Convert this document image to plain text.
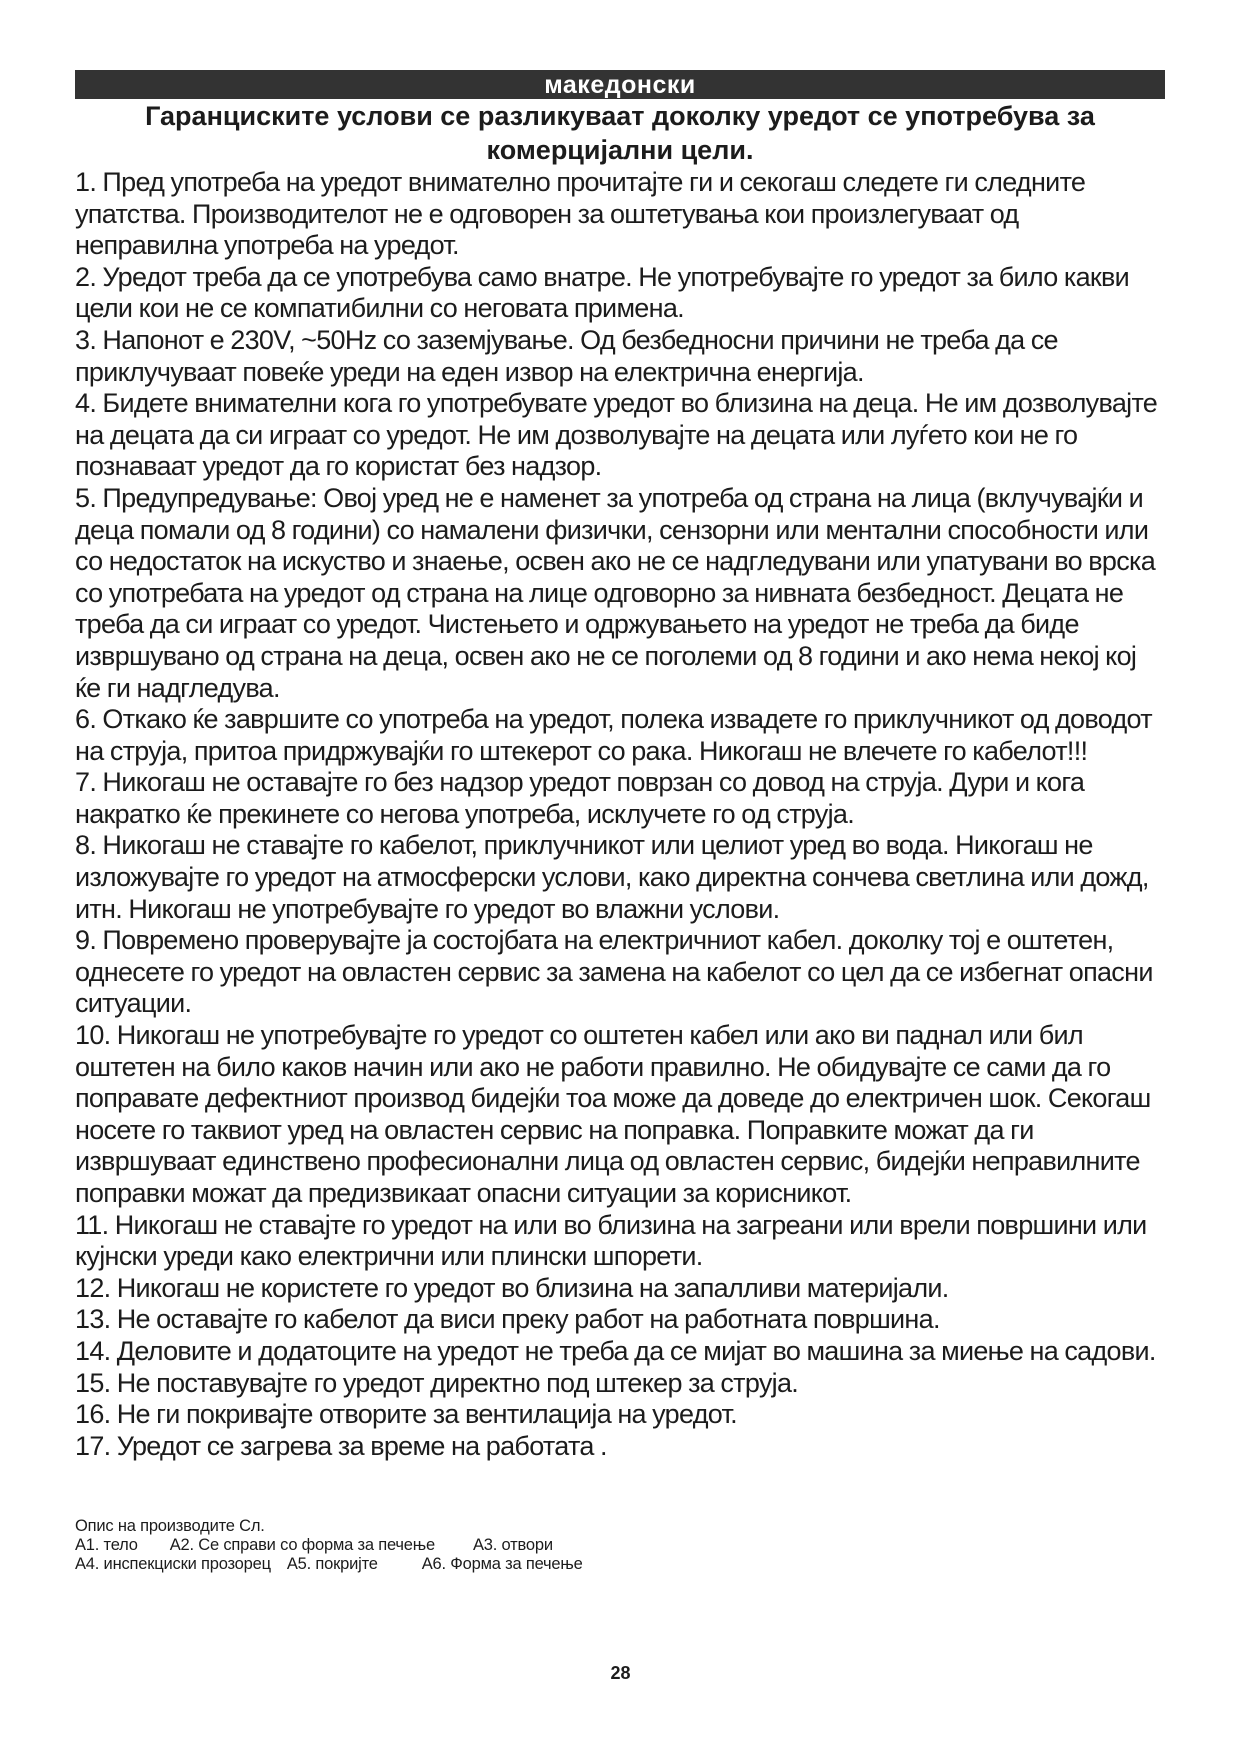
македонски

Гаранциските услови се разликуваат доколку уредот се употребува за комерцијални цели.

1. Пред употреба на уредот внимателно прочитајте ги и секогаш следете ги следните упатства. Производителот не е одговорен за оштетувања кои произлегуваат од неправилна употреба на уредот.
2. Уредот треба да се употребува само внатре. Не употребувајте го уредот за било какви цели кои не се компатибилни со неговата примена.
3. Напонот е 230V, ~50Hz со заземјување. Од безбедносни причини не треба да се приклучуваат повеќе уреди на еден извор на електрична енергија.
4. Бидете внимателни кога го употребувате уредот во близина на деца. Не им дозволувајте на децата да си играат со уредот. Не им дозволувајте на децата или луѓето кои не го познаваат уредот да го користат без надзор.
5. Предупредување: Овој уред не е наменет за употреба од страна на лица (вклучувајќи и деца помали од 8 години) со намалени физички, сензорни или ментални способности или со недостаток на искуство и знаење, освен ако не се надгледувани или упатувани во врска со употребата на уредот од страна на лице одговорно за нивната безбедност. Децата не треба да си играат со уредот. Чистењето и одржувањето на уредот не треба да биде извршувано од страна на деца, освен ако не се поголеми од 8 години и ако нема некој кој ќе ги надгледува.
6. Откако ќе завршите со употреба на уредот, полека извадете го приклучникот од доводот на струја, притоа придржувајќи го штекерот со рака. Никогаш не влечете го кабелот!!!
7. Никогаш не оставајте го без надзор уредот поврзан со довод на струја. Дури и кога накратко ќе прекинете со негова употреба, исклучете го од струја.
8. Никогаш не ставајте го кабелот, приклучникот или целиот уред во вода. Никогаш не изложувајте го уредот на атмосферски услови, како директна сончева светлина или дожд, итн. Никогаш не употребувајте го уредот во влажни услови.
9. Повремено проверувајте ја состојбата на електричниот кабел. доколку тој е оштетен, однесете го уредот на овластен сервис за замена на кабелот со цел да се избегнат опасни ситуации.
10. Никогаш не употребувајте го уредот со оштетен кабел или ако ви паднал или бил оштетен на било каков начин или ако не работи правилно. Не обидувајте се сами да го поправате дефектниот производ бидејќи тоа може да доведе до електричен шок. Секогаш носете го таквиот уред на овластен сервис на поправка. Поправките можат да ги извршуваат единствено професионални лица од овластен сервис, бидејќи неправилните поправки можат да предизвикаат опасни ситуации за корисникот.
11. Никогаш не ставајте го уредот на или во близина на загреани или врели површини или кујнски уреди како електрични или плински шпорети.
12. Никогаш не користете го уредот во близина на запалливи материјали.
13. Не оставајте го кабелот да виси преку работ на работната површина.
14. Деловите и додатоците на уредот не треба да се мијат во машина за миење на садови.
15. Не поставувајте го уредот директно под штекер за струја.
16. Не ги покривајте отворите за вентилација на уредот.
17. Уредот се загрева за време на работата .
Опис на производите Сл.
A1. тело A2. Се спрaви со форма за печење A3. отвори
A4. инспекциски прозорец A5. покријте	A6. Форма за печење
28
